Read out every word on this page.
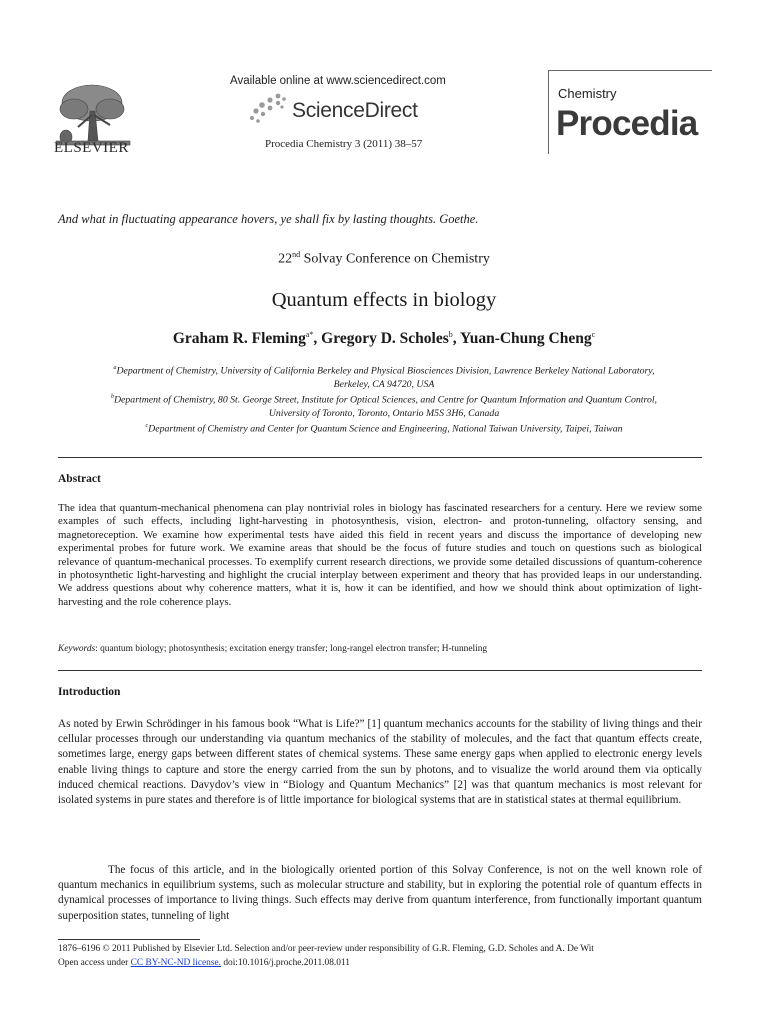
ELSEVIER
Available online at www.sciencedirect.com
ScienceDirect
Procedia Chemistry 3 (2011) 38–57
Chemistry
Procedia
And what in fluctuating appearance hovers, ye shall fix by lasting thoughts. Goethe.
22nd Solvay Conference on Chemistry
Quantum effects in biology
Graham R. Fleming$^{a*}$, Gregory D. Scholes$^b$, Yuan-Chung Cheng$^c$
$^a$Department of Chemistry, University of California Berkeley and Physical Biosciences Division, Lawrence Berkeley National Laboratory,
Berkeley, CA 94720, USA
$^b$Department of Chemistry, 80 St. George Street, Institute for Optical Sciences, and Centre for Quantum Information and Quantum Control,
University of Toronto, Toronto, Ontario M5S 3H6, Canada
$^c$Department of Chemistry and Center for Quantum Science and Engineering, National Taiwan University, Taipei, Taiwan
Abstract
The idea that quantum-mechanical phenomena can play nontrivial roles in biology has fascinated researchers for a century. Here we review some examples of such effects, including light-harvesting in photosynthesis, vision, electron- and proton-tunneling, olfactory sensing, and magnetoreception. We examine how experimental tests have aided this field in recent years and discuss the importance of developing new experimental probes for future work. We examine areas that should be the focus of future studies and touch on questions such as biological relevance of quantum-mechanical processes. To exemplify current research directions, we provide some detailed discussions of quantum-coherence in photosynthetic light-harvesting and highlight the crucial interplay between experiment and theory that has provided leaps in our understanding. We address questions about why coherence matters, what it is, how it can be identified, and how we should think about optimization of light-harvesting and the role coherence plays.
Keywords: quantum biology; photosynthesis; excitation energy transfer; long-rangel electron transfer; H-tunneling
Introduction
As noted by Erwin Schrödinger in his famous book “What is Life?” [1] quantum mechanics accounts for the stability of living things and their cellular processes through our understanding via quantum mechanics of the stability of molecules, and the fact that quantum effects create, sometimes large, energy gaps between different states of chemical systems. These same energy gaps when applied to electronic energy levels enable living things to capture and store the energy carried from the sun by photons, and to visualize the world around them via optically induced chemical reactions. Davydov’s view in “Biology and Quantum Mechanics” [2] was that quantum mechanics is most relevant for isolated systems in pure states and therefore is of little importance for biological systems that are in statistical states at thermal equilibrium.
The focus of this article, and in the biologically oriented portion of this Solvay Conference, is not on the well known role of quantum mechanics in equilibrium systems, such as molecular structure and stability, but in exploring the potential role of quantum effects in dynamical processes of importance to living things. Such effects may derive from quantum interference, from functionally important quantum superposition states, tunneling of light
1876–6196 © 2011 Published by Elsevier Ltd. Selection and/or peer-review under responsibility of G.R. Fleming, G.D. Scholes and A. De Wit
Open access under CC BY-NC-ND license. doi:10.1016/j.proche.2011.08.011
